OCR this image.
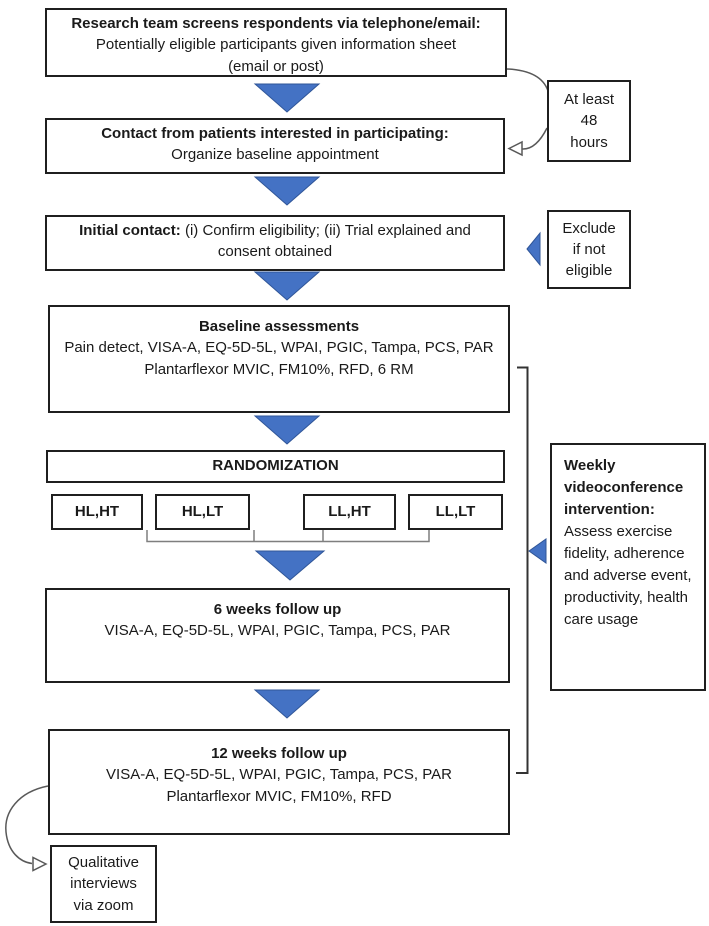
Research team screens respondents via telephone/email:
Potentially eligible participants given information sheet
(email or post)
At least
48
hours
Contact from patients interested in participating:
Organize baseline appointment
Initial contact: (i) Confirm eligibility; (ii) Trial explained and consent obtained
Exclude
if not
eligible
Baseline assessments
Pain detect, VISA-A, EQ-5D-5L, WPAI, PGIC, Tampa, PCS, PAR
Plantarflexor MVIC, FM10%, RFD, 6 RM
RANDOMIZATION
HL,HT	HL,LT	LL,HT	LL,LT
Weekly videoconference intervention:
Assess exercise fidelity, adherence and adverse event, productivity, health care usage
6 weeks follow up
VISA-A, EQ-5D-5L, WPAI, PGIC, Tampa, PCS, PAR
12 weeks follow up
VISA-A, EQ-5D-5L, WPAI, PGIC, Tampa, PCS, PAR
Plantarflexor MVIC, FM10%, RFD
Qualitative
interviews
via zoom
